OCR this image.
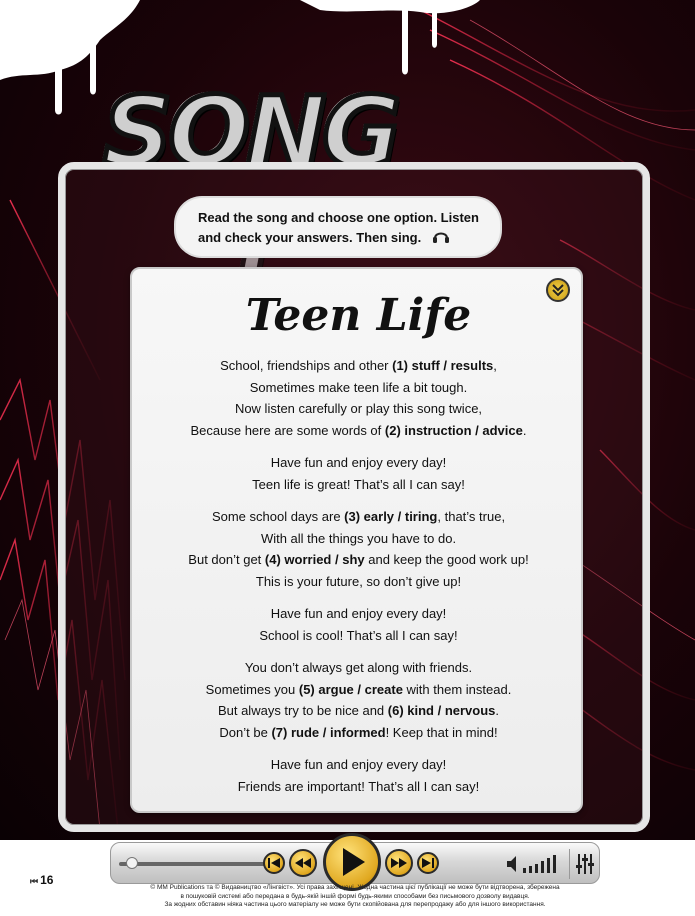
SONG
Read the song and choose one option. Listen
and check your answers. Then sing.
Teen Life
School, friendships and other (1) stuff / results,
Sometimes make teen life a bit tough.
Now listen carefully or play this song twice,
Because here are some words of (2) instruction / advice.
Have fun and enjoy every day!
Teen life is great! That’s all I can say!
Some school days are (3) early / tiring, that’s true,
With all the things you have to do.
But don’t get (4) worried / shy and keep the good work up!
This is your future, so don’t give up!
Have fun and enjoy every day!
School is cool! That’s all I can say!
You don’t always get along with friends.
Sometimes you (5) argue / create with them instead.
But always try to be nice and (6) kind / nervous.
Don’t be (7) rude / informed! Keep that in mind!
Have fun and enjoy every day!
Friends are important! That’s all I can say!
⏮ 16
© MM Publications та © Видавництво «Лінгвіст». Усі права захищені. Жодна частина цієї публікації не може бути відтворена, збережена
в пошуковій системі або передана в будь-якій іншій формі будь-якими способами без письмового дозволу видавця.
За жодних обставин ніяка частина цього матеріалу не може бути скопійована для перепродажу або для іншого використання.
